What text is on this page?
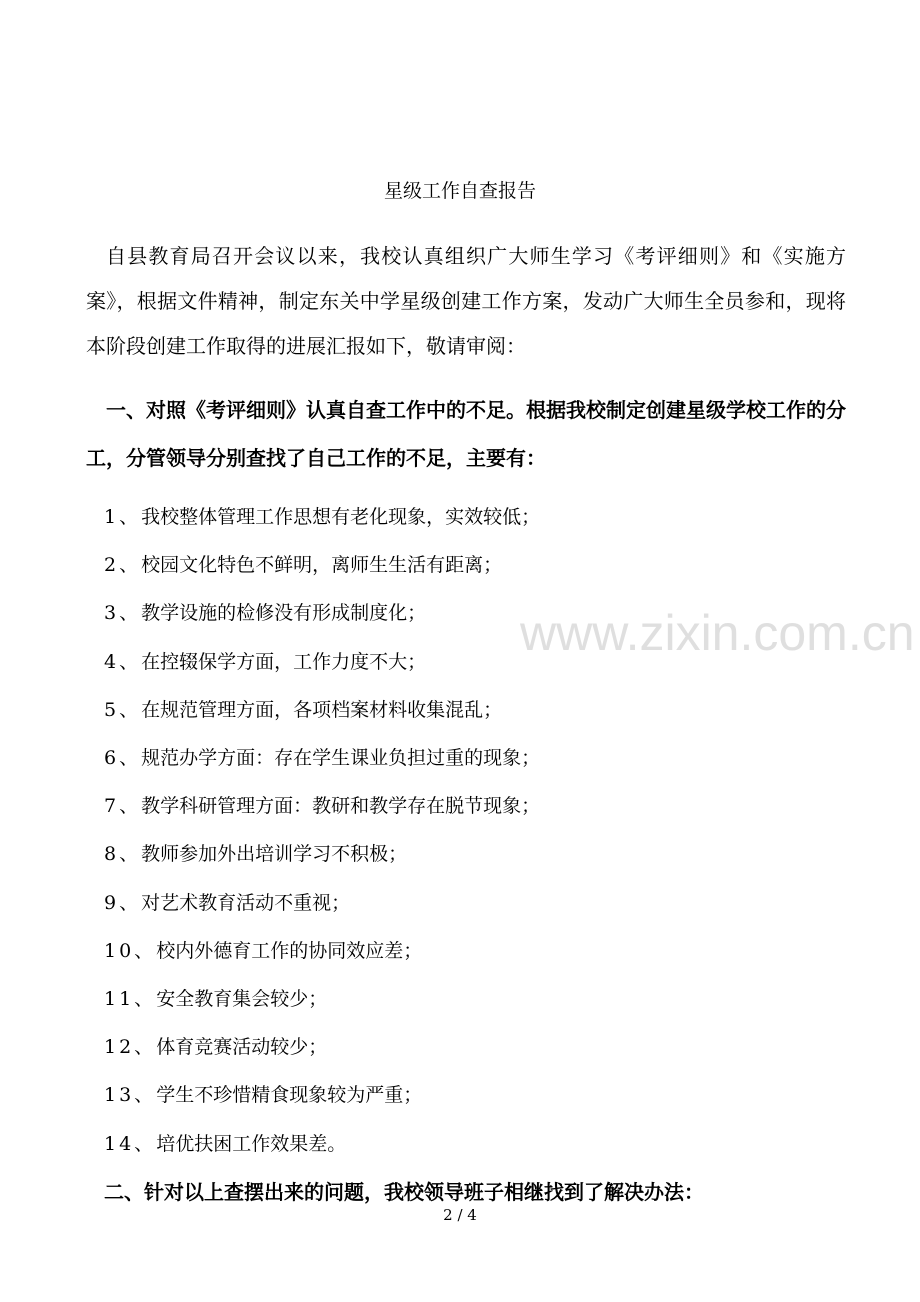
www.zixin.com.cn
星级工作自查报告
自县教育局召开会议以来，我校认真组织广大师生学习《考评细则》和《实施方案》，根据文件精神，制定东关中学星级创建工作方案，发动广大师生全员参和，现将本阶段创建工作取得的进展汇报如下，敬请审阅：
一、对照《考评细则》认真自查工作中的不足。根据我校制定创建星级学校工作的分工，分管领导分别查找了自己工作的不足，主要有：
1、我校整体管理工作思想有老化现象，实效较低；
2、校园文化特色不鲜明，离师生生活有距离；
3、教学设施的检修没有形成制度化；
4、在控辍保学方面，工作力度不大；
5、在规范管理方面，各项档案材料收集混乱；
6、规范办学方面：存在学生课业负担过重的现象；
7、教学科研管理方面：教研和教学存在脱节现象；
8、教师参加外出培训学习不积极；
9、对艺术教育活动不重视；
10、校内外德育工作的协同效应差；
11、安全教育集会较少；
12、体育竞赛活动较少；
13、学生不珍惜精食现象较为严重；
14、培优扶困工作效果差。
二、针对以上查摆出来的问题，我校领导班子相继找到了解决办法：
2 / 4
